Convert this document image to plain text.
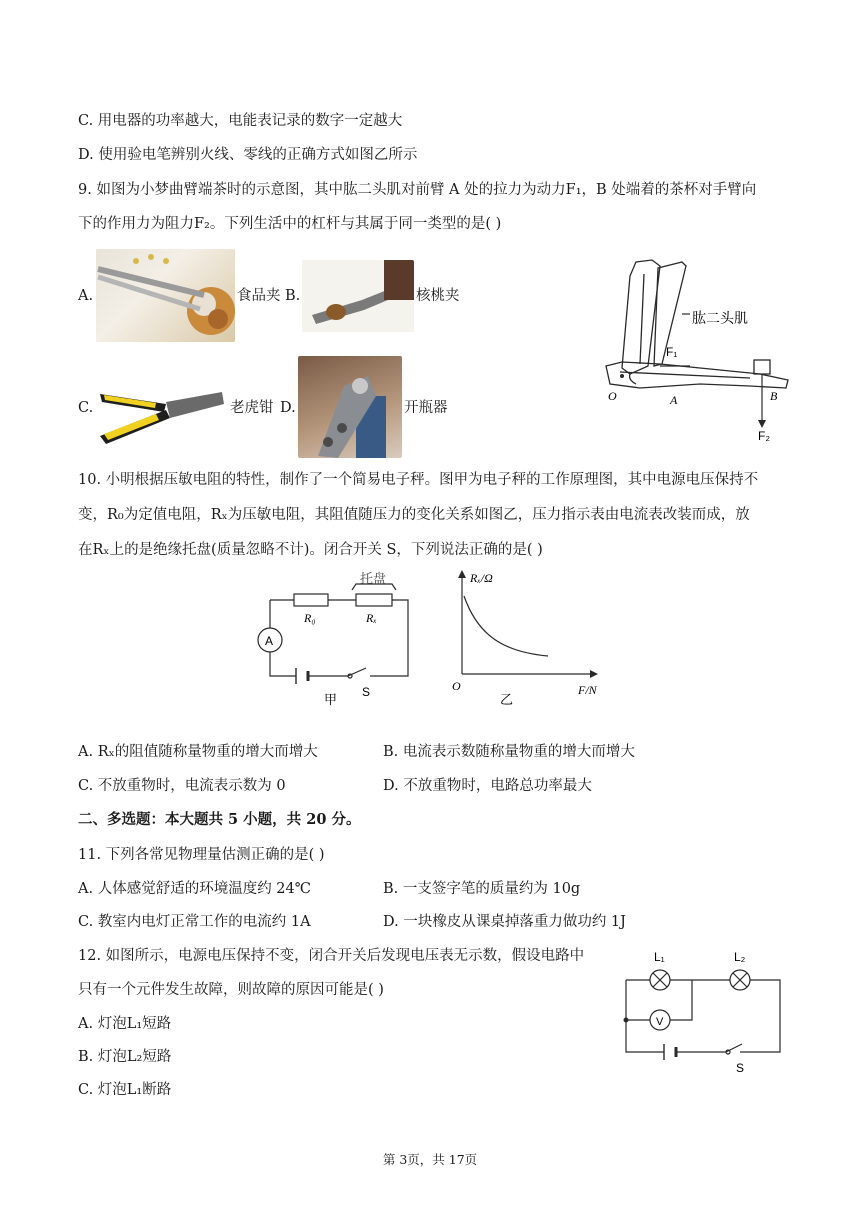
C. 用电器的功率越大，电能表记录的数字一定越大
D. 使用验电笔辨别火线、零线的正确方式如图乙所示
9. 如图为小梦曲臂端茶时的示意图，其中肱二头肌对前臂 A 处的拉力为动力F₁，B 处端着的茶杯对手臂向
下的作用力为阻力F₂。下列生活中的杠杆与其属于同一类型的是( )
A.	食品夹 B.	核桃夹
C.	老虎钳 D.	开瓶器
肱二头肌
F₁
O	A	B
F₂
10. 小明根据压敏电阻的特性，制作了一个简易电子秤。图甲为电子秤的工作原理图，其中电源电压保持不
变，R₀为定值电阻，Rₓ为压敏电阻，其阻值随压力的变化关系如图乙，压力指示表由电流表改装而成，放
在Rₓ上的是绝缘托盘(质量忽略不计)。闭合开关 S，下列说法正确的是( )
托盘
R₀	Rₓ
A
S
甲
Rₓ/Ω
F/N
O
乙
A. Rₓ的阻值随称量物重的增大而增大	B. 电流表示数随称量物重的增大而增大
C. 不放重物时，电流表示数为 0	D. 不放重物时，电路总功率最大
二、多选题：本大题共 5 小题，共 20 分。
11. 下列各常见物理量估测正确的是( )
A. 人体感觉舒适的环境温度约 24℃	B. 一支签字笔的质量约为 10g
C. 教室内电灯正常工作的电流约 1A	D. 一块橡皮从课桌掉落重力做功约 1J
12. 如图所示，电源电压保持不变，闭合开关后发现电压表无示数，假设电路中
只有一个元件发生故障，则故障的原因可能是( )
A. 灯泡L₁短路
B. 灯泡L₂短路
C. 灯泡L₁断路
L₁	L₂
V
S
第 3页，共 17页
